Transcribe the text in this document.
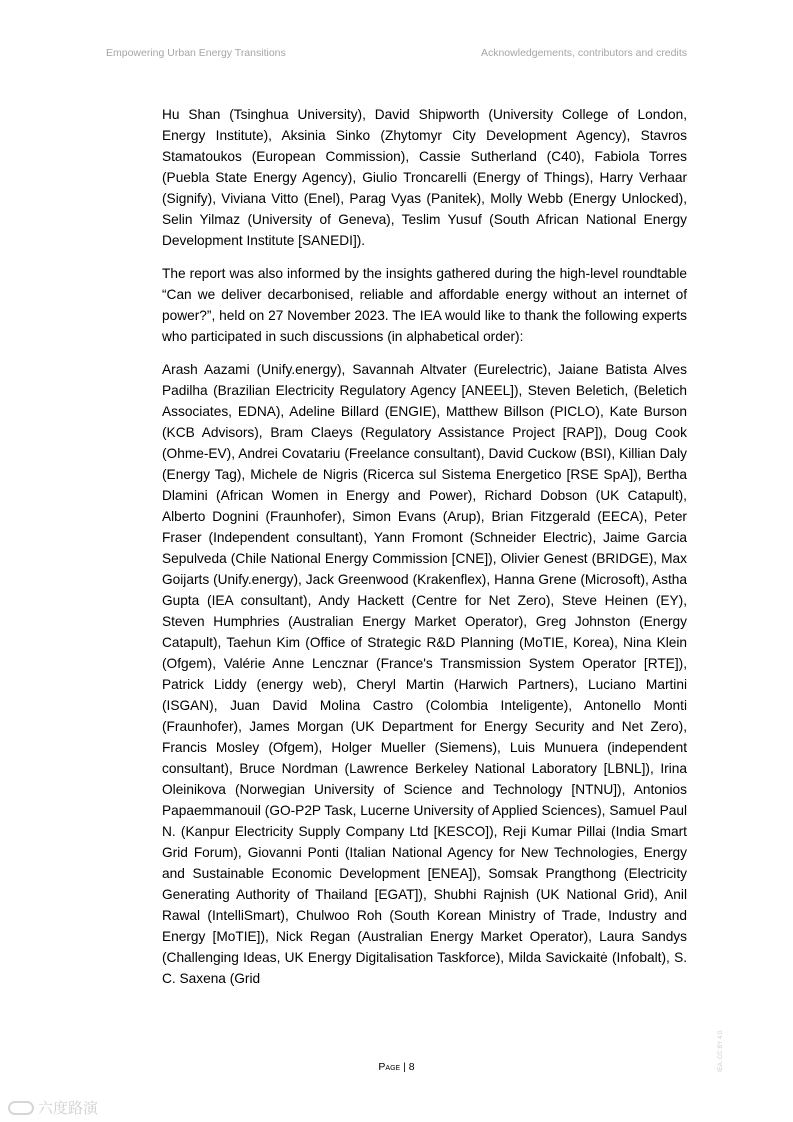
Empowering Urban Energy Transitions	Acknowledgements, contributors and credits

Hu Shan (Tsinghua University), David Shipworth (University College of London, Energy Institute), Aksinia Sinko (Zhytomyr City Development Agency), Stavros Stamatoukos (European Commission), Cassie Sutherland (C40), Fabiola Torres (Puebla State Energy Agency), Giulio Troncarelli (Energy of Things), Harry Verhaar (Signify), Viviana Vitto (Enel), Parag Vyas (Panitek), Molly Webb (Energy Unlocked), Selin Yilmaz (University of Geneva), Teslim Yusuf (South African National Energy Development Institute [SANEDI]).

The report was also informed by the insights gathered during the high-level roundtable “Can we deliver decarbonised, reliable and affordable energy without an internet of power?”, held on 27 November 2023. The IEA would like to thank the following experts who participated in such discussions (in alphabetical order):

Arash Aazami (Unify.energy), Savannah Altvater (Eurelectric), Jaiane Batista Alves Padilha (Brazilian Electricity Regulatory Agency [ANEEL]), Steven Beletich, (Beletich Associates, EDNA), Adeline Billard (ENGIE), Matthew Billson (PICLO), Kate Burson (KCB Advisors), Bram Claeys (Regulatory Assistance Project [RAP]), Doug Cook (Ohme-EV), Andrei Covatariu (Freelance consultant), David Cuckow (BSI), Killian Daly (Energy Tag), Michele de Nigris (Ricerca sul Sistema Energetico [RSE SpA]), Bertha Dlamini (African Women in Energy and Power), Richard Dobson (UK Catapult), Alberto Dognini (Fraunhofer), Simon Evans (Arup), Brian Fitzgerald (EECA), Peter Fraser (Independent consultant), Yann Fromont (Schneider Electric), Jaime Garcia Sepulveda (Chile National Energy Commission [CNE]), Olivier Genest (BRIDGE), Max Goijarts (Unify.energy), Jack Greenwood (Krakenflex), Hanna Grene (Microsoft), Astha Gupta (IEA consultant), Andy Hackett (Centre for Net Zero), Steve Heinen (EY), Steven Humphries (Australian Energy Market Operator), Greg Johnston (Energy Catapult), Taehun Kim (Office of Strategic R&D Planning (MoTIE, Korea), Nina Klein (Ofgem), Valérie Anne Lencznar (France's Transmission System Operator [RTE]), Patrick Liddy (energy web), Cheryl Martin (Harwich Partners), Luciano Martini (ISGAN), Juan David Molina Castro (Colombia Inteligente), Antonello Monti (Fraunhofer), James Morgan (UK Department for Energy Security and Net Zero), Francis Mosley (Ofgem), Holger Mueller (Siemens), Luis Munuera (independent consultant), Bruce Nordman (Lawrence Berkeley National Laboratory [LBNL]), Irina Oleinikova (Norwegian University of Science and Technology [NTNU]), Antonios Papaemmanouil (GO-P2P Task, Lucerne University of Applied Sciences), Samuel Paul N. (Kanpur Electricity Supply Company Ltd [KESCO]), Reji Kumar Pillai (India Smart Grid Forum), Giovanni Ponti (Italian National Agency for New Technologies, Energy and Sustainable Economic Development [ENEA]), Somsak Prangthong (Electricity Generating Authority of Thailand [EGAT]), Shubhi Rajnish (UK National Grid), Anil Rawal (IntelliSmart), Chulwoo Roh (South Korean Ministry of Trade, Industry and Energy [MoTIE]), Nick Regan (Australian Energy Market Operator), Laura Sandys (Challenging Ideas, UK Energy Digitalisation Taskforce), Milda Savickaitė (Infobalt), S. C. Saxena (Grid

Page | 8	IEA. CC BY 4.0.
六度路演
